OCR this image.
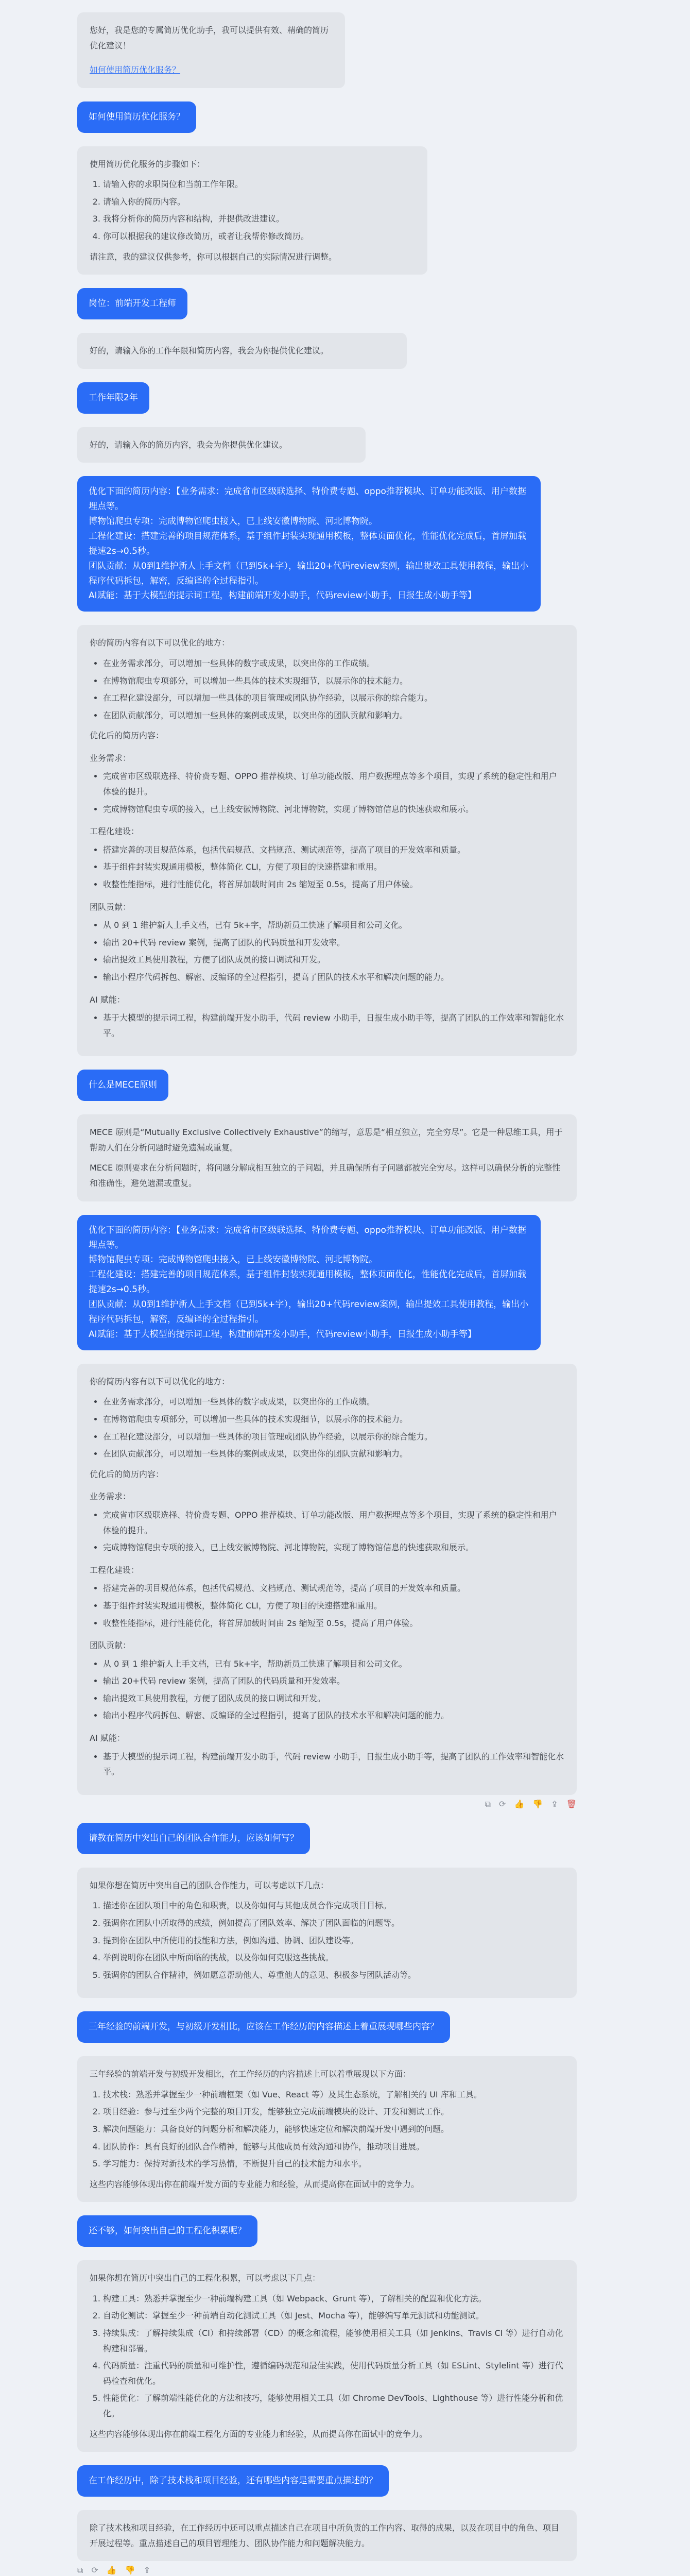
您好，我是您的专属简历优化助手，我可以提供有效、精确的简历优化建议！

如何使用简历优化服务？
如何使用简历优化服务？

使用简历优化服务的步骤如下：

1. 请输入你的求职岗位和当前工作年限。
2. 请输入你的简历内容。
3. 我将分析你的简历内容和结构，并提供改进建议。
4. 你可以根据我的建议修改简历，或者让我帮你修改简历。

请注意，我的建议仅供参考，你可以根据自己的实际情况进行调整。

岗位：前端开发工程师

好的，请输入你的工作年限和简历内容，我会为你提供优化建议。

工作年限2年

好的，请输入你的简历内容，我会为你提供优化建议。

优化下面的简历内容：【业务需求：完成省市区级联选择、特价费专题、oppo推荐模块、订单功能改版、用户数据埋点等。
博物馆爬虫专项：完成博物馆爬虫接入，已上线安徽博物院、河北博物院。
工程化建设：搭建完善的项目规范体系，基于组件封装实现通用模板，整体页面优化，性能优化完成后，首屏加载提速2s→0.5秒。
团队贡献：从0到1维护新人上手文档（已到5k+字），输出20+代码review案例，输出提效工具使用教程，输出小程序代码拆包，解密，反编译的全过程指引。
AI赋能：基于大模型的提示词工程，构建前端开发小助手，代码review小助手，日报生成小助手等】

你的简历内容有以下可以优化的地方：

• 在业务需求部分，可以增加一些具体的数字或成果，以突出你的工作成绩。
• 在博物馆爬虫专项部分，可以增加一些具体的技术实现细节，以展示你的技术能力。
• 在工程化建设部分，可以增加一些具体的项目管理或团队协作经验，以展示你的综合能力。
• 在团队贡献部分，可以增加一些具体的案例或成果，以突出你的团队贡献和影响力。

优化后的简历内容：

业务需求：

• 完成省市区级联选择、特价费专题、OPPO 推荐模块、订单功能改版、用户数据埋点等多个项目，实现了系统的稳定性和用户体验的提升。
• 完成博物馆爬虫专项的接入，已上线安徽博物院、河北博物院，实现了博物馆信息的快速获取和展示。

工程化建设：

• 搭建完善的项目规范体系，包括代码规范、文档规范、测试规范等，提高了项目的开发效率和质量。
• 基于组件封装实现通用模板，整体简化 CLI，方便了项目的快速搭建和重用。
• 收整性能指标，进行性能优化，将首屏加载时间由 2s 缩短至 0.5s，提高了用户体验。

团队贡献：

• 从 0 到 1 维护新人上手文档，已有 5k+字，帮助新员工快速了解项目和公司文化。
• 输出 20+代码 review 案例，提高了团队的代码质量和开发效率。
• 输出提效工具使用教程，方便了团队成员的接口调试和开发。
• 输出小程序代码拆包、解密、反编译的全过程指引，提高了团队的技术水平和解决问题的能力。

AI 赋能：

• 基于大模型的提示词工程，构建前端开发小助手，代码 review 小助手，日报生成小助手等，提高了团队的工作效率和智能化水平。
什么是MECE原则

MECE 原则是“Mutually Exclusive Collectively Exhaustive”的缩写，意思是“相互独立，完全穷尽”。它是一种思维工具，用于帮助人们在分析问题时避免遗漏或重复。

MECE 原则要求在分析问题时，将问题分解成相互独立的子问题，并且确保所有子问题都被完全穷尽。这样可以确保分析的完整性和准确性，避免遗漏或重复。

优化下面的简历内容：【业务需求：完成省市区级联选择、特价费专题、oppo推荐模块、订单功能改版、用户数据埋点等。
博物馆爬虫专项：完成博物馆爬虫接入，已上线安徽博物院、河北博物院。
工程化建设：搭建完善的项目规范体系，基于组件封装实现通用模板，整体页面优化，性能优化完成后，首屏加载提速2s→0.5秒。
团队贡献：从0到1维护新人上手文档（已到5k+字），输出20+代码review案例，输出提效工具使用教程，输出小程序代码拆包，解密，反编译的全过程指引。
AI赋能：基于大模型的提示词工程，构建前端开发小助手，代码review小助手，日报生成小助手等】

你的简历内容有以下可以优化的地方：

• 在业务需求部分，可以增加一些具体的数字或成果，以突出你的工作成绩。
• 在博物馆爬虫专项部分，可以增加一些具体的技术实现细节，以展示你的技术能力。
• 在工程化建设部分，可以增加一些具体的项目管理或团队协作经验，以展示你的综合能力。
• 在团队贡献部分，可以增加一些具体的案例或成果，以突出你的团队贡献和影响力。

优化后的简历内容：

业务需求：

• 完成省市区级联选择、特价费专题、OPPO 推荐模块、订单功能改版、用户数据埋点等多个项目，实现了系统的稳定性和用户体验的提升。
• 完成博物馆爬虫专项的接入，已上线安徽博物院、河北博物院，实现了博物馆信息的快速获取和展示。

工程化建设：

• 搭建完善的项目规范体系，包括代码规范、文档规范、测试规范等，提高了项目的开发效率和质量。
• 基于组件封装实现通用模板，整体简化 CLI，方便了项目的快速搭建和重用。
• 收整性能指标，进行性能优化，将首屏加载时间由 2s 缩短至 0.5s，提高了用户体验。

团队贡献：

• 从 0 到 1 维护新人上手文档，已有 5k+字，帮助新员工快速了解项目和公司文化。
• 输出 20+代码 review 案例，提高了团队的代码质量和开发效率。
• 输出提效工具使用教程，方便了团队成员的接口调试和开发。
• 输出小程序代码拆包、解密、反编译的全过程指引，提高了团队的技术水平和解决问题的能力。

AI 赋能：

• 基于大模型的提示词工程，构建前端开发小助手，代码 review 小助手，日报生成小助手等，提高了团队的工作效率和智能化水平。
⧉ ⟳ 👍 👎 ⇪ 🗑
请教在简历中突出自己的团队合作能力，应该如何写？

如果你想在简历中突出自己的团队合作能力，可以考虑以下几点：

1. 描述你在团队项目中的角色和职责，以及你如何与其他成员合作完成项目目标。
2. 强调你在团队中所取得的成绩，例如提高了团队效率、解决了团队面临的问题等。
3. 提到你在团队中所使用的技能和方法，例如沟通、协调、团队建设等。
4. 举例说明你在团队中所面临的挑战，以及你如何克服这些挑战。
5. 强调你的团队合作精神，例如愿意帮助他人、尊重他人的意见、积极参与团队活动等。
三年经验的前端开发，与初级开发相比，应该在工作经历的内容描述上着重展现哪些内容？

三年经验的前端开发与初级开发相比，在工作经历的内容描述上可以着重展现以下方面：

1. 技术栈：熟悉并掌握至少一种前端框架（如 Vue、React 等）及其生态系统，了解相关的 UI 库和工具。
2. 项目经验：参与过至少两个完整的项目开发，能够独立完成前端模块的设计、开发和测试工作。
3. 解决问题能力：具备良好的问题分析和解决能力，能够快速定位和解决前端开发中遇到的问题。
4. 团队协作：具有良好的团队合作精神，能够与其他成员有效沟通和协作，推动项目进展。
5. 学习能力：保持对新技术的学习热情，不断提升自己的技术能力和水平。

这些内容能够体现出你在前端开发方面的专业能力和经验，从而提高你在面试中的竞争力。

还不够，如何突出自己的工程化积累呢？

如果你想在简历中突出自己的工程化积累，可以考虑以下几点：

1. 构建工具：熟悉并掌握至少一种前端构建工具（如 Webpack、Grunt 等），了解相关的配置和优化方法。
2. 自动化测试：掌握至少一种前端自动化测试工具（如 Jest、Mocha 等），能够编写单元测试和功能测试。
3. 持续集成：了解持续集成（CI）和持续部署（CD）的概念和流程，能够使用相关工具（如 Jenkins、Travis CI 等）进行自动化构建和部署。
4. 代码质量：注重代码的质量和可维护性，遵循编码规范和最佳实践，使用代码质量分析工具（如 ESLint、Stylelint 等）进行代码检查和优化。
5. 性能优化：了解前端性能优化的方法和技巧，能够使用相关工具（如 Chrome DevTools、Lighthouse 等）进行性能分析和优化。

这些内容能够体现出你在前端工程化方面的专业能力和经验，从而提高你在面试中的竞争力。

在工作经历中，除了技术栈和项目经验，还有哪些内容是需要重点描述的？

除了技术栈和项目经验，在工作经历中还可以重点描述自己在项目中所负责的工作内容、取得的成果，以及在项目中的角色、项目开展过程等。重点描述自己的项目管理能力、团队协作能力和问题解决能力。

⧉ ⟳ 👍 👎 ⇪
